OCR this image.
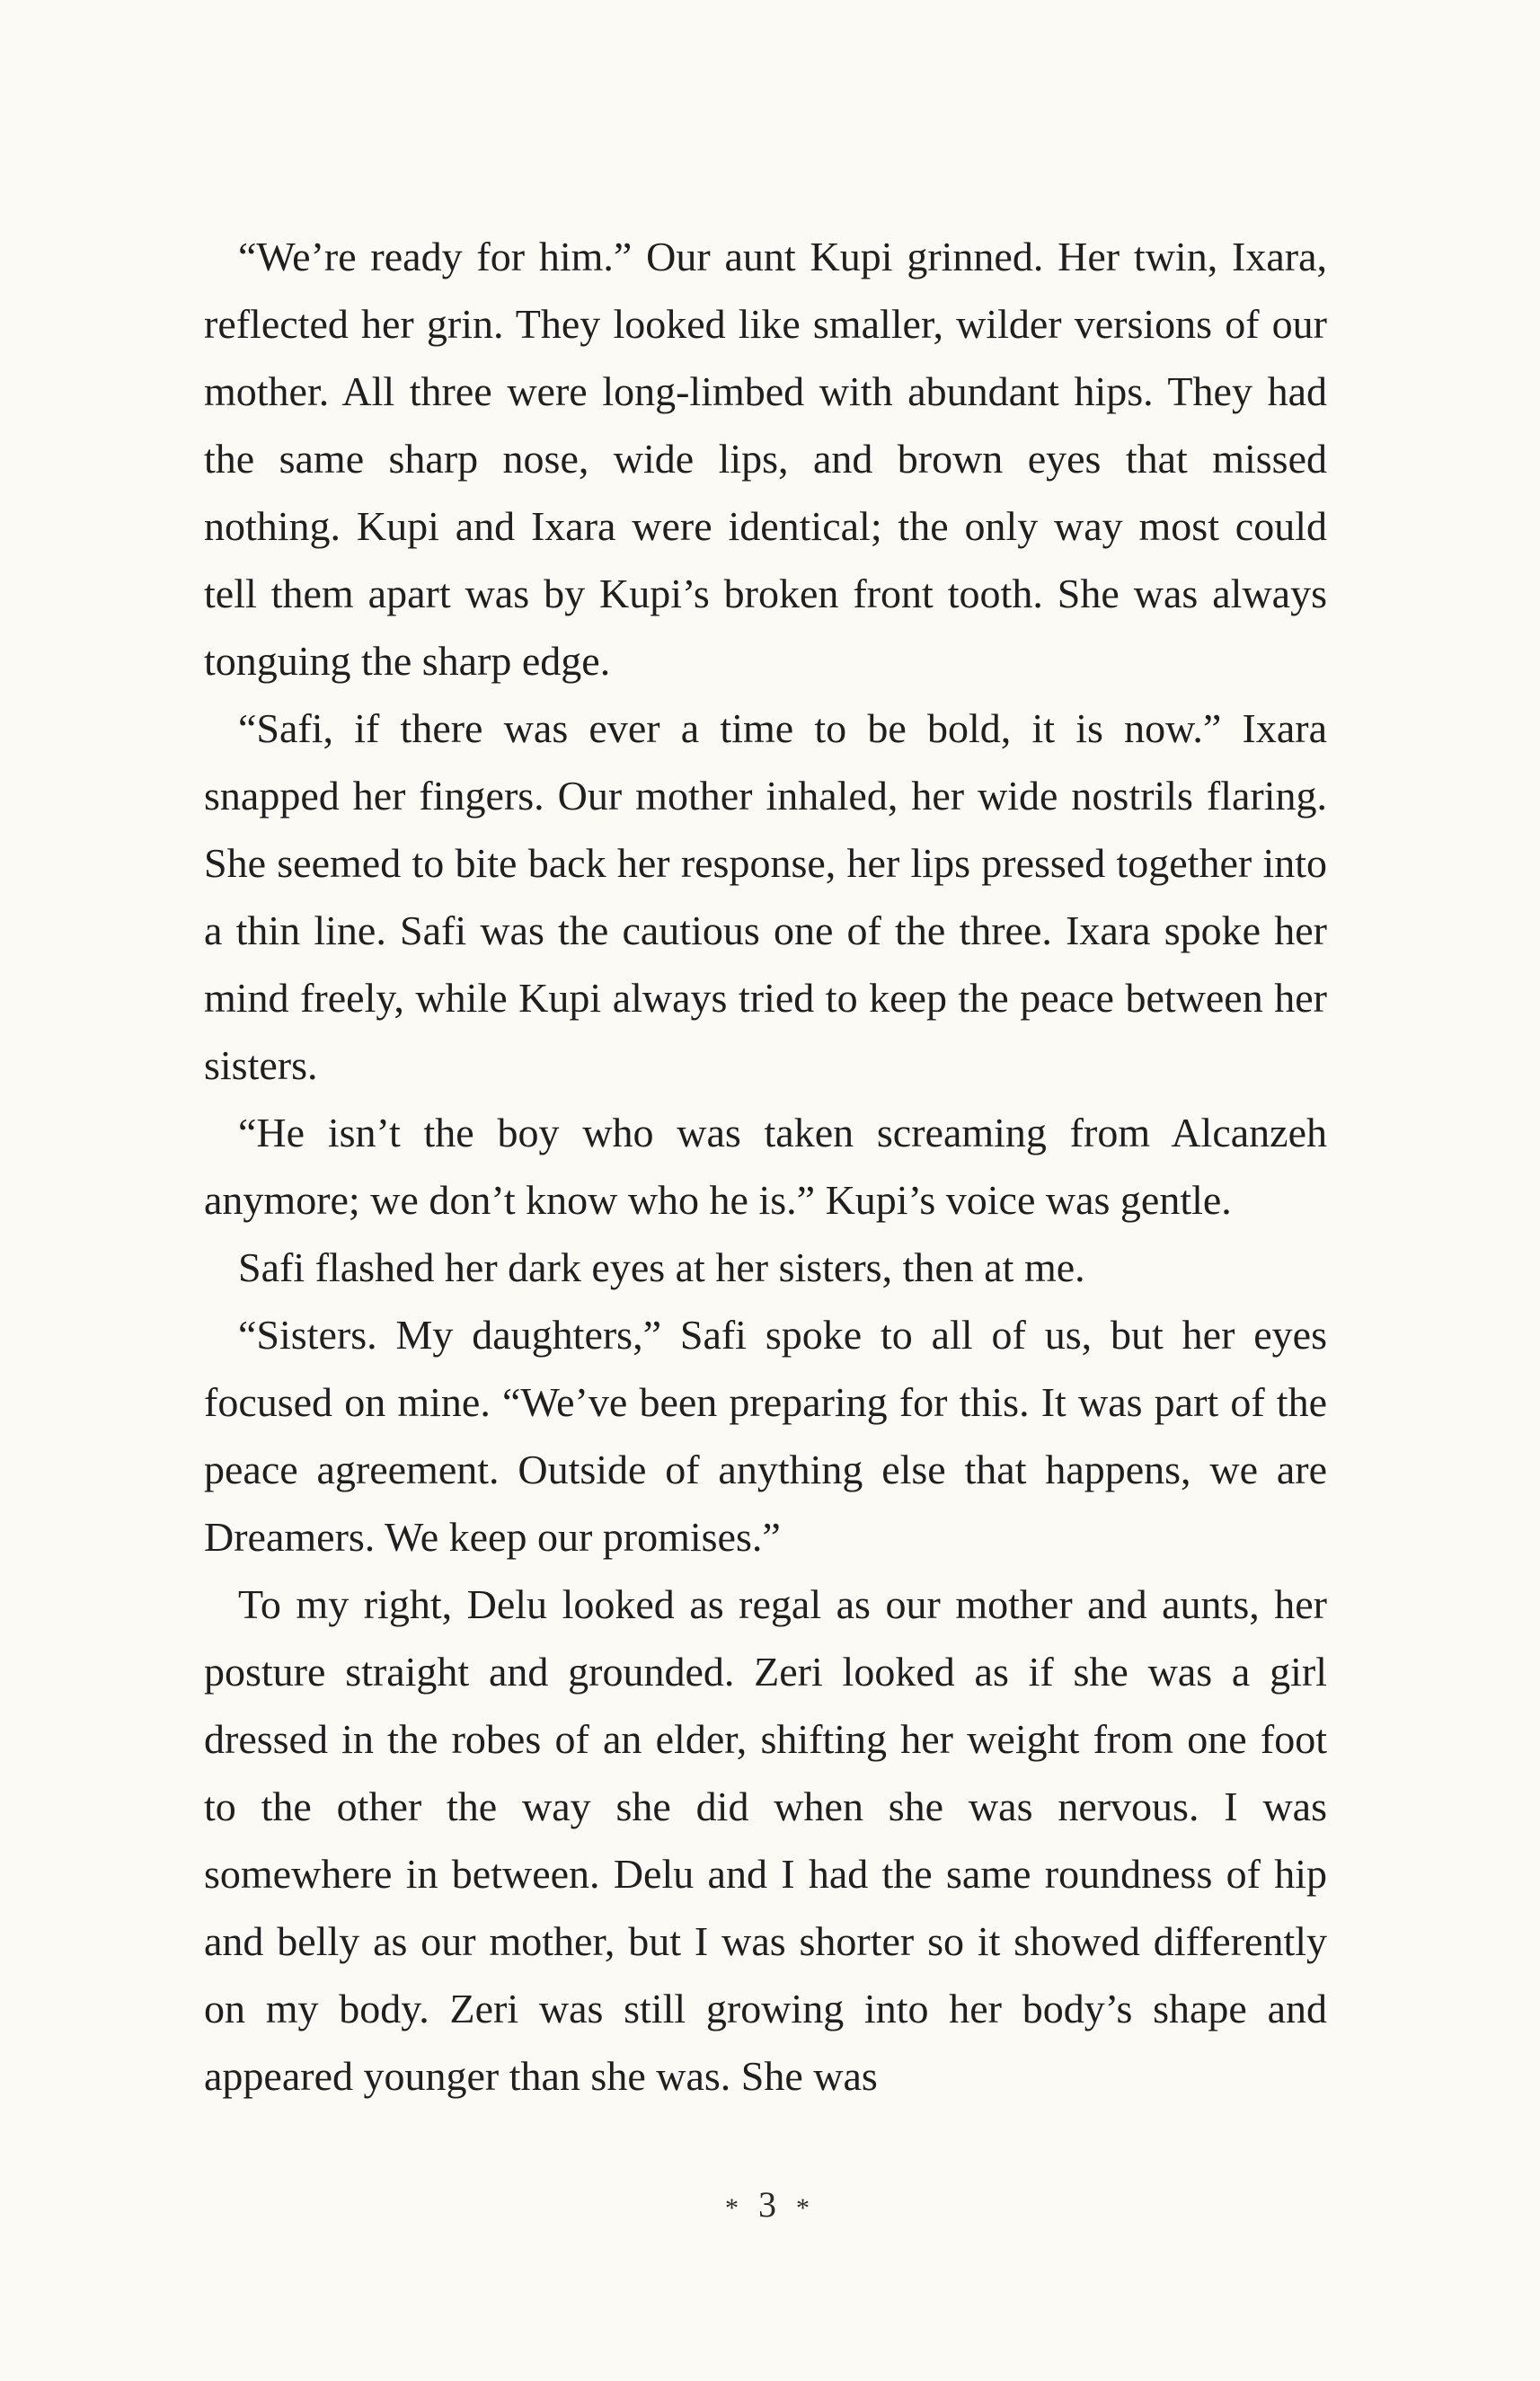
“We’re ready for him.” Our aunt Kupi grinned. Her twin, Ixara, reflected her grin. They looked like smaller, wilder versions of our mother. All three were long-limbed with abundant hips. They had the same sharp nose, wide lips, and brown eyes that missed nothing. Kupi and Ixara were identical; the only way most could tell them apart was by Kupi’s broken front tooth. She was always tonguing the sharp edge.

“Safi, if there was ever a time to be bold, it is now.” Ixara snapped her fingers. Our mother inhaled, her wide nostrils flaring. She seemed to bite back her response, her lips pressed together into a thin line. Safi was the cautious one of the three. Ixara spoke her mind freely, while Kupi always tried to keep the peace between her sisters.

“He isn’t the boy who was taken screaming from Alcanzeh anymore; we don’t know who he is.” Kupi’s voice was gentle.

Safi flashed her dark eyes at her sisters, then at me.

“Sisters. My daughters,” Safi spoke to all of us, but her eyes focused on mine. “We’ve been preparing for this. It was part of the peace agreement. Outside of anything else that happens, we are Dreamers. We keep our promises.”

To my right, Delu looked as regal as our mother and aunts, her posture straight and grounded. Zeri looked as if she was a girl dressed in the robes of an elder, shifting her weight from one foot to the other the way she did when she was nervous. I was somewhere in between. Delu and I had the same roundness of hip and belly as our mother, but I was shorter so it showed differently on my body. Zeri was still growing into her body’s shape and appeared younger than she was. She was

* 3 *
